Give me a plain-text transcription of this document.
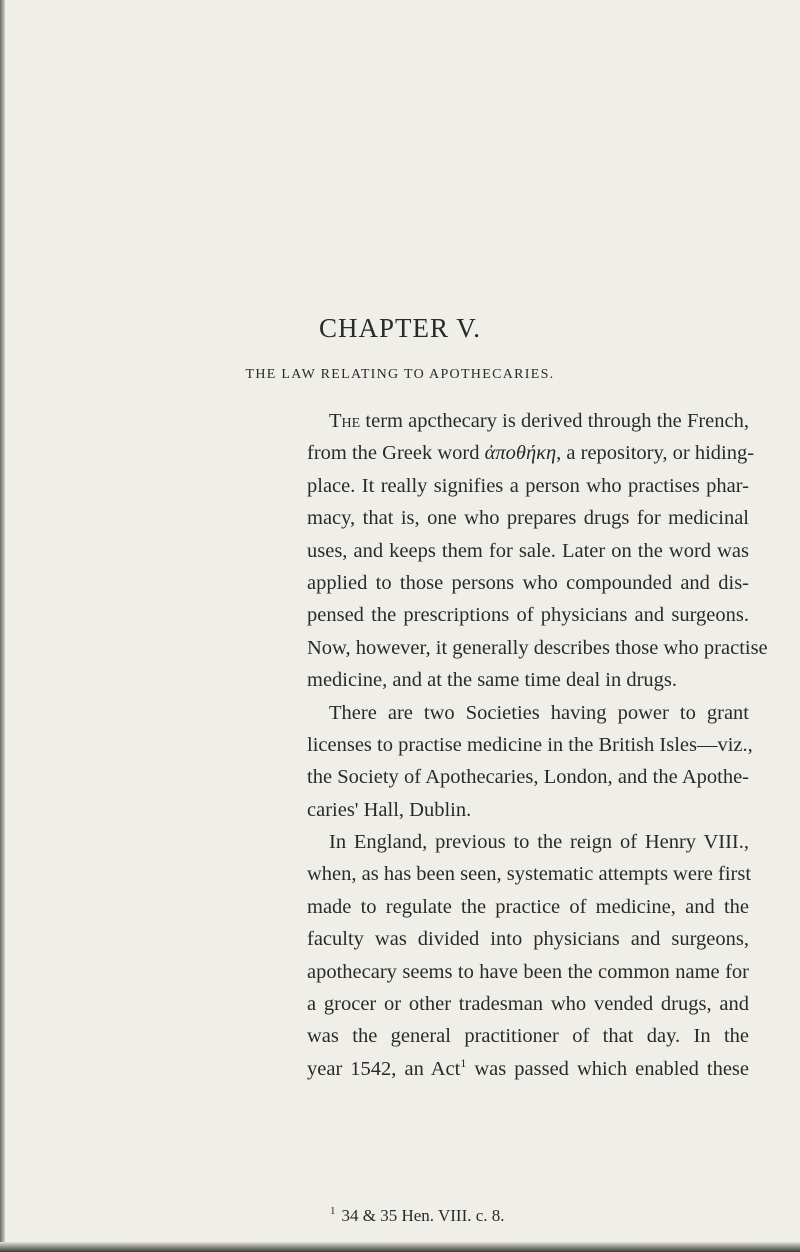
CHAPTER V.
THE LAW RELATING TO APOTHECARIES.
The term apcthecary is derived through the French,
from the Greek word ἀποθήκη, a repository, or hiding-
place. It really signifies a person who practises phar-
macy, that is, one who prepares drugs for medicinal
uses, and keeps them for sale. Later on the word was
applied to those persons who compounded and dis-
pensed the prescriptions of physicians and surgeons.
Now, however, it generally describes those who practise
medicine, and at the same time deal in drugs.
There are two Societies having power to grant
licenses to practise medicine in the British Isles—viz.,
the Society of Apothecaries, London, and the Apothe-
caries' Hall, Dublin.
In England, previous to the reign of Henry VIII.,
when, as has been seen, systematic attempts were first
made to regulate the practice of medicine, and the
faculty was divided into physicians and surgeons,
apothecary seems to have been the common name for
a grocer or other tradesman who vended drugs, and
was the general practitioner of that day. In the
year 1542, an Act$^1$ was passed which enabled these
$^1$ 34 & 35 Hen. VIII. c. 8.
